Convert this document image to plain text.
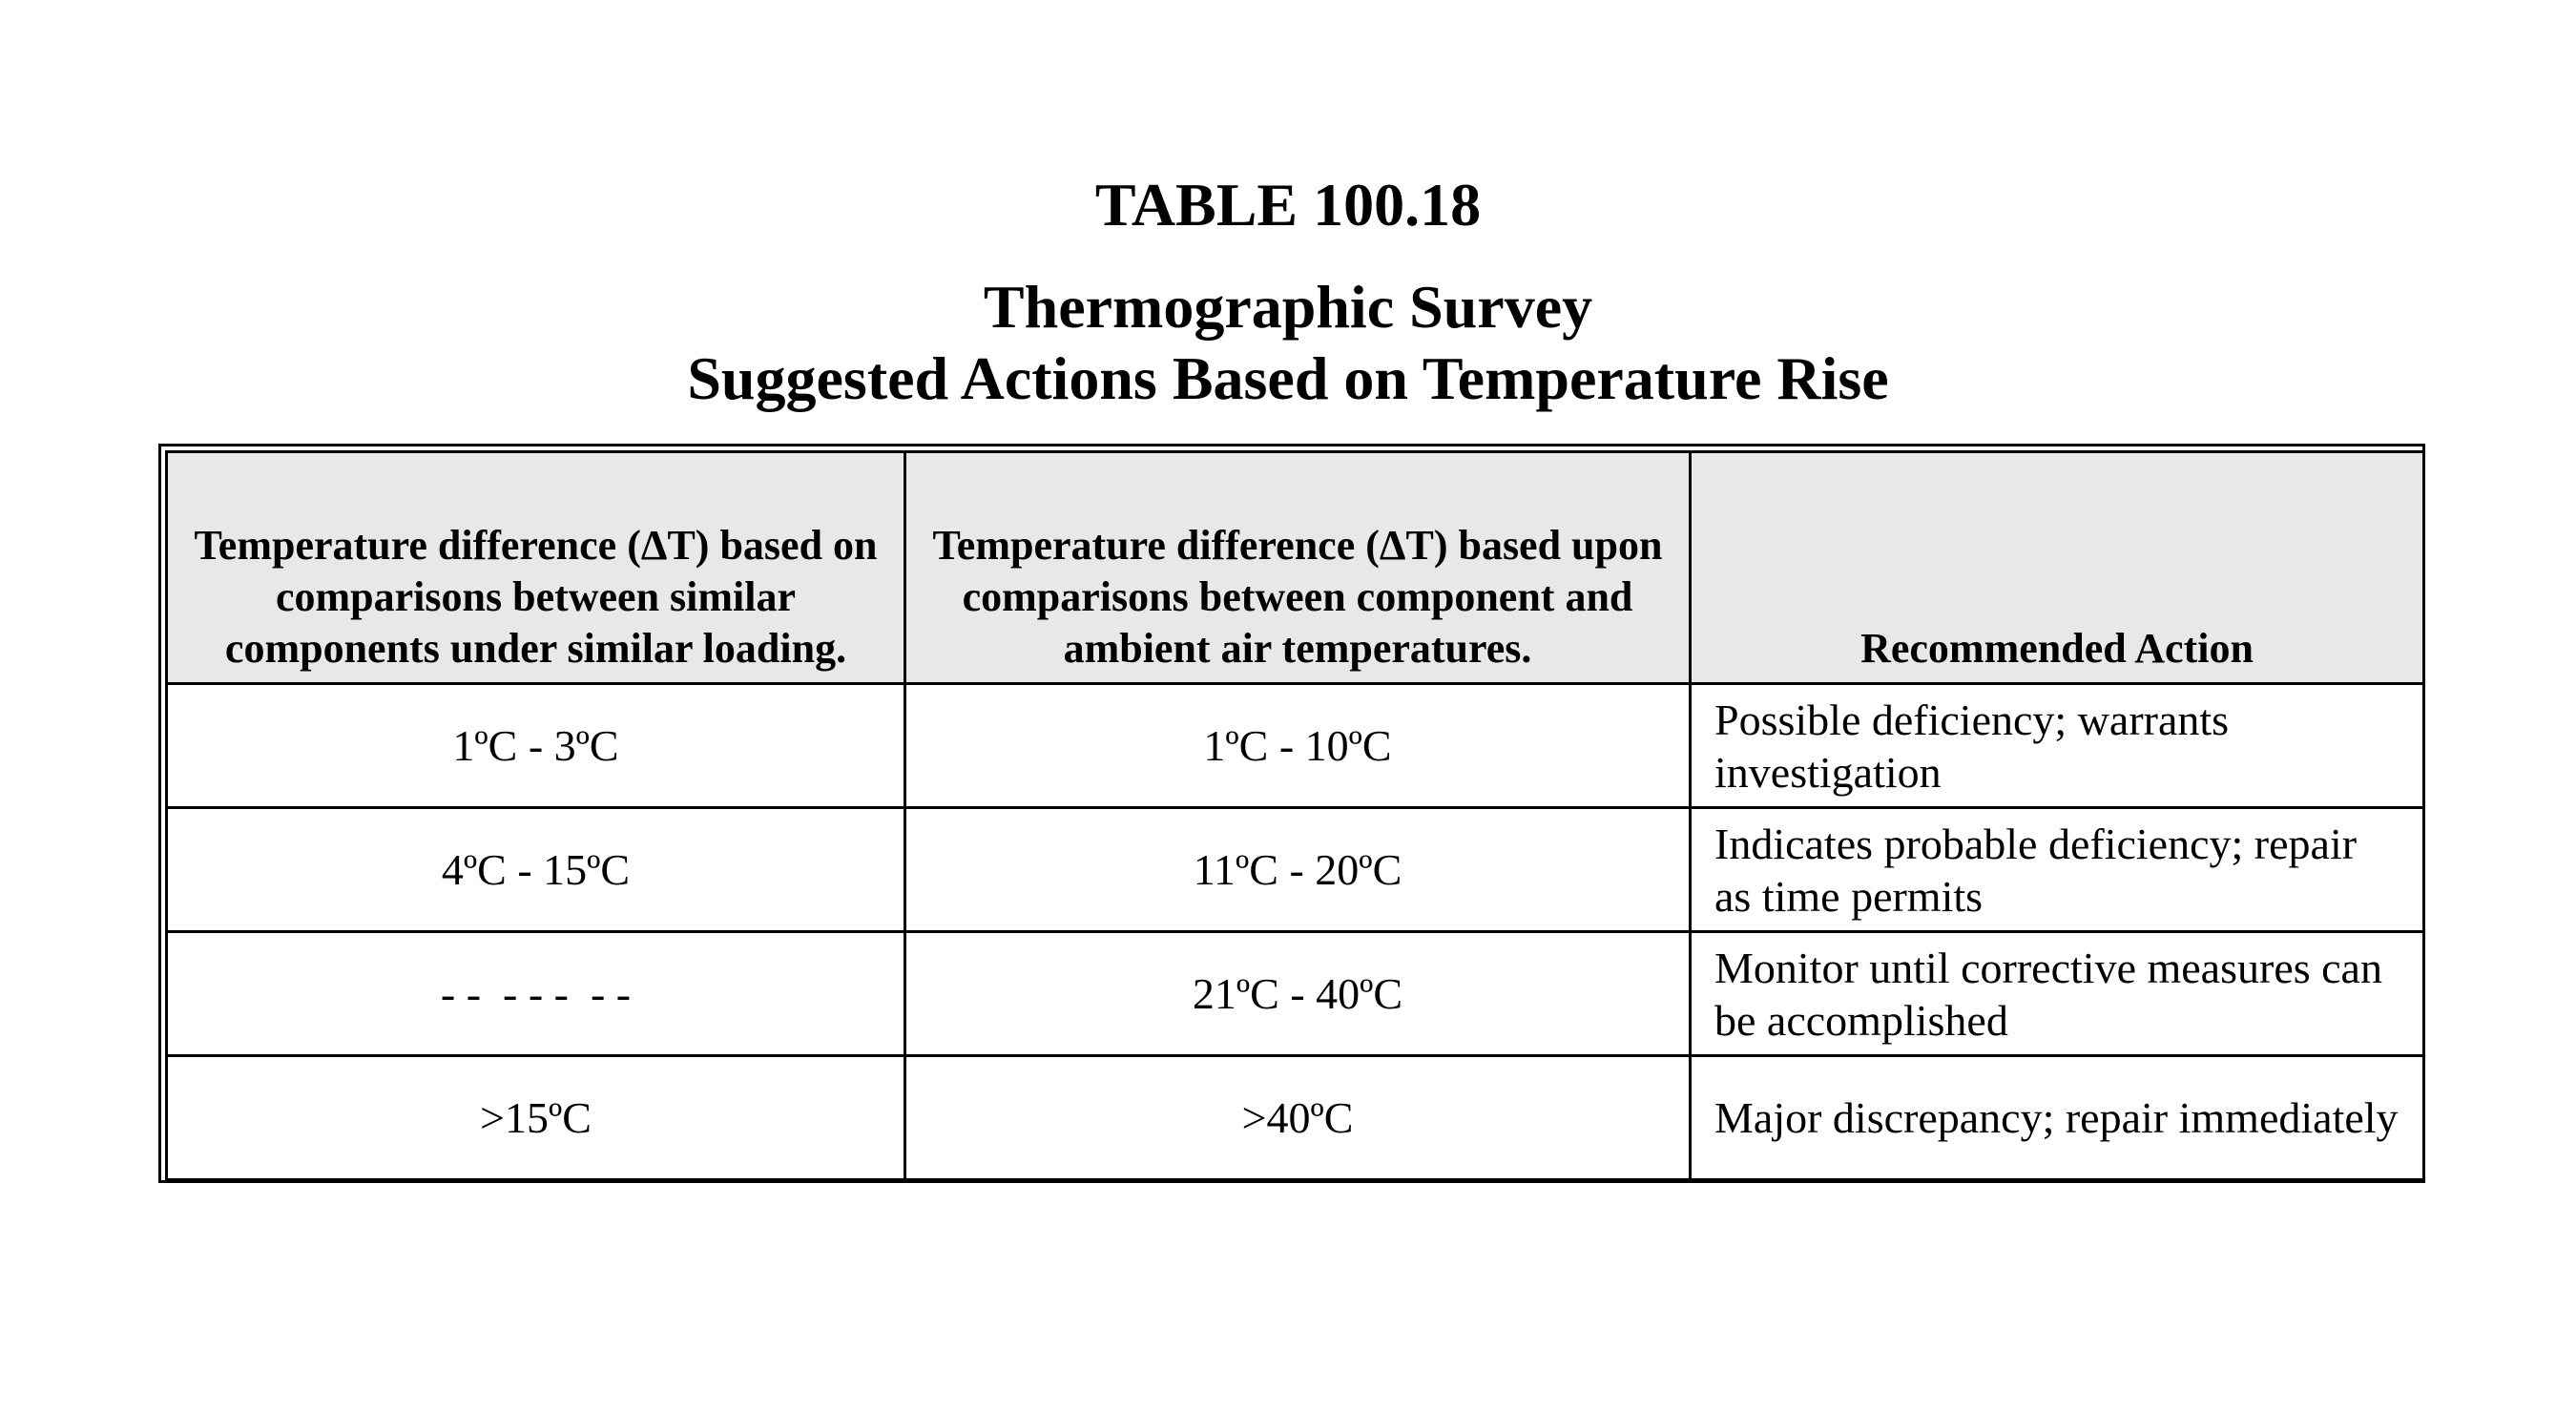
TABLE 100.18
Thermographic Survey
Suggested Actions Based on Temperature Rise
Temperature difference (ΔT) based on comparisons between similar components under similar loading.	Temperature difference (ΔT) based upon comparisons between component and ambient air temperatures.	Recommended Action
1ºC - 3ºC	1ºC - 10ºC	Possible deficiency; warrants investigation
4ºC - 15ºC	11ºC - 20ºC	Indicates probable deficiency; repair as time permits
- -  - - -  - -	21ºC - 40ºC	Monitor until corrective measures can be accomplished
>15ºC	>40ºC	Major discrepancy; repair immediately
